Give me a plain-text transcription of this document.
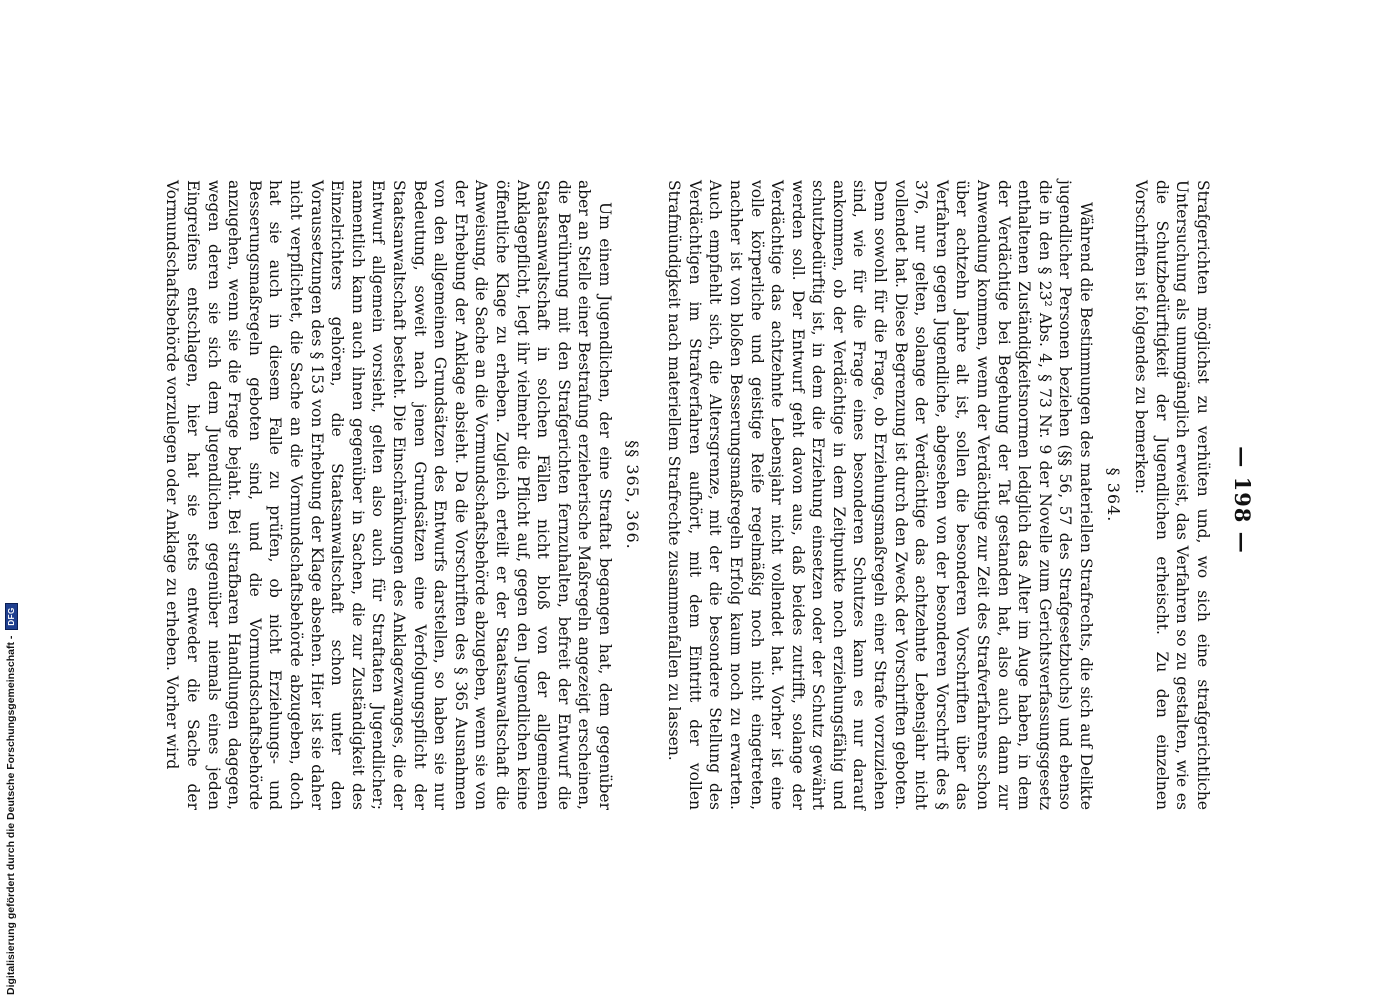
— 198 —

Strafgerichten möglichst zu verhüten und, wo sich eine strafgerichtliche Untersuchung als unumgänglich erweist, das Verfahren so zu gestalten, wie es die Schutzbedürftigkeit der Jugendlichen erheischt. Zu den einzelnen Vorschriften ist folgendes zu bemerken:

§ 364.

Während die Bestimmungen des materiellen Strafrechts, die sich auf Delikte jugendlicher Personen beziehen (§§ 56, 57 des Strafgesetzbuchs) und ebenso die in den § 23² Abs. 4, § 73 Nr. 9 der Novelle zum Gerichtsverfassungsgesetz enthaltenen Zuständigkeitsnormen lediglich das Alter im Auge haben, in dem der Verdächtige bei Begehung der Tat gestanden hat, also auch dann zur Anwendung kommen, wenn der Verdächtige zur Zeit des Strafverfahrens schon über achtzehn Jahre alt ist, sollen die besonderen Vorschriften über das Verfahren gegen Jugendliche, abgesehen von der besonderen Vorschrift des § 376, nur gelten, solange der Verdächtige das achtzehnte Lebensjahr nicht vollendet hat. Diese Begrenzung ist durch den Zweck der Vorschriften geboten. Denn sowohl für die Frage, ob Erziehungsmaßregeln einer Strafe vorzuziehen sind, wie für die Frage eines besonderen Schutzes kann es nur darauf ankommen, ob der Verdächtige in dem Zeitpunkte noch erziehungsfähig und schutzbedürftig ist, in dem die Erziehung einsetzen oder der Schutz gewährt werden soll. Der Entwurf geht davon aus, daß beides zutrifft, solange der Verdächtige das achtzehnte Lebensjahr nicht vollendet hat. Vorher ist eine volle körperliche und geistige Reife regelmäßig noch nicht eingetreten, nachher ist von bloßen Besserungsmaßregeln Erfolg kaum noch zu erwarten. Auch empfiehlt sich, die Altersgrenze, mit der die besondere Stellung des Verdächtigen im Strafverfahren aufhört, mit dem Eintritt der vollen Strafmündigkeit nach materiellem Strafrechte zusammenfallen zu lassen.

§§ 365, 366.

Um einem Jugendlichen, der eine Straftat begangen hat, dem gegenüber aber an Stelle einer Bestrafung erzieherische Maßregeln angezeigt erscheinen, die Berührung mit den Strafgerichten fernzuhalten, befreit der Entwurf die Staatsanwaltschaft in solchen Fällen nicht bloß von der allgemeinen Anklagepflicht, legt ihr vielmehr die Pflicht auf, gegen den Jugendlichen keine öffentliche Klage zu erheben. Zugleich erteilt er der Staatsanwaltschaft die Anweisung, die Sache an die Vormundschaftsbehörde abzugeben, wenn sie von der Erhebung der Anklage absieht. Da die Vorschriften des § 365 Ausnahmen von den allgemeinen Grundsätzen des Entwurfs darstellen, so haben sie nur Bedeutung, soweit nach jenen Grundsätzen eine Verfolgungspflicht der Staatsanwaltschaft besteht. Die Einschränkungen des Anklagezwanges, die der Entwurf allgemein vorsieht, gelten also auch für Straftaten Jugendlicher; namentlich kann auch ihnen gegenüber in Sachen, die zur Zuständigkeit des Einzelrichters gehören, die Staatsanwaltschaft schon unter den Voraussetzungen des § 153 von Erhebung der Klage absehen. Hier ist sie daher nicht verpflichtet, die Sache an die Vormundschaftsbehörde abzugeben, doch hat sie auch in diesem Falle zu prüfen, ob nicht Erziehungs- und Besserungsmaßregeln geboten sind, und die Vormundschaftsbehörde anzugehen, wenn sie die Frage bejaht. Bei strafbaren Handlungen dagegen, wegen deren sie sich dem Jugendlichen gegenüber niemals eines jeden Eingreifens entschlagen, hier hat sie stets entweder die Sache der Vormundschaftsbehörde vorzulegen oder Anklage zu erheben. Vorher wird

Digitalisierung gefördert durch die Deutsche Forschungsgemeinschaft -
DFG
